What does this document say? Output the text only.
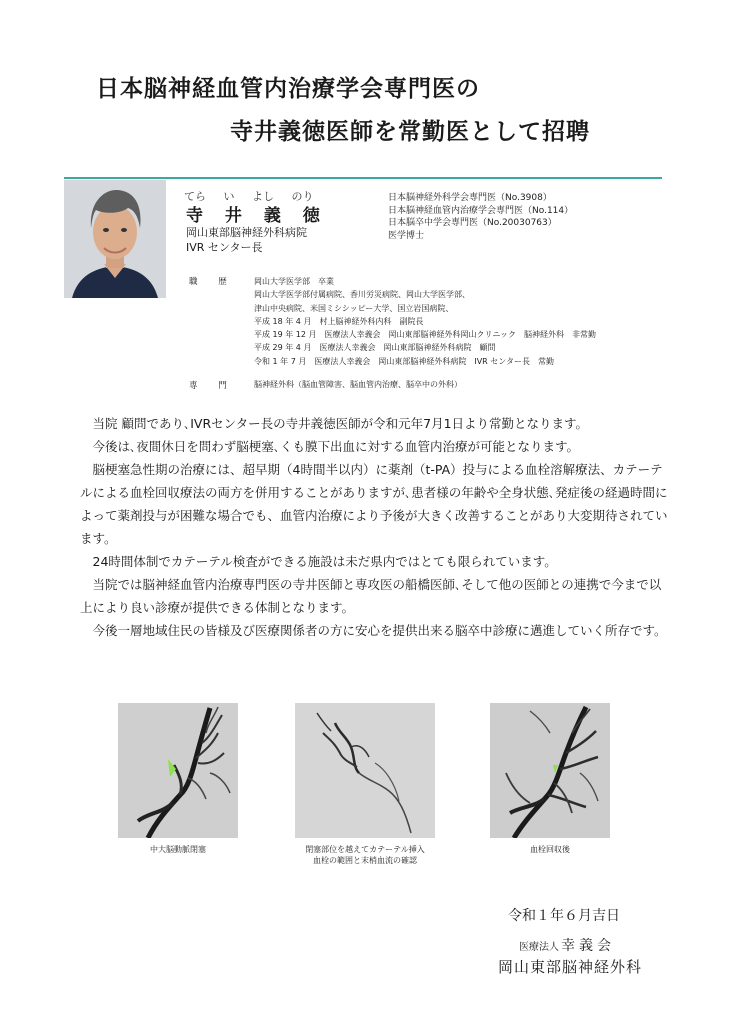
日本脳神経血管内治療学会専門医の
寺井義徳医師を常勤医として招聘
てら い よし のり
寺 井 義 徳
岡山東部脳神経外科病院
IVR センター長
日本脳神経外科学会専門医（No.3908）
日本脳神経血管内治療学会専門医（No.114）
日本脳卒中学会専門医（No.20030763）
医学博士
職 歴 岡山大学医学部　卒業
岡山大学医学部付属病院、香川労災病院、岡山大学医学部、
津山中央病院、米国ミシシッピー大学、国立岩国病院、
平成 18 年 4 月　村上脳神経外科内科　副院長
平成 19 年 12 月　医療法人幸義会　岡山東部脳神経外科岡山クリニック　脳神経外科　非常勤
平成 29 年 4 月　医療法人幸義会　岡山東部脳神経外科病院　顧問
令和 1 年 7 月　医療法人幸義会　岡山東部脳神経外科病院　IVR センター長　常勤
専 門 脳神経外科（脳血管障害、脳血管内治療、脳卒中の外科）

当院 顧問であり､IVRセンター長の寺井義徳医師が令和元年7月1日より常勤となります。

今後は､夜間休日を問わず脳梗塞､くも膜下出血に対する血管内治療が可能となります。

脳梗塞急性期の治療には、超早期（4時間半以内）に薬剤（t-PA）投与による血栓溶解療法、カテーテルによる血栓回収療法の両方を併用することがありますが､患者様の年齢や全身状態､発症後の経過時間によって薬剤投与が困難な場合でも、血管内治療により予後が大きく改善することがあり大変期待されています。

24時間体制でカテーテル検査ができる施設は未だ県内ではとても限られています。

当院では脳神経血管内治療専門医の寺井医師と専攻医の船橋医師､そして他の医師との連携で今まで以上により良い診療が提供できる体制となります。

今後一層地域住民の皆様及び医療関係者の方に安心を提供出来る脳卒中診療に邁進していく所存です。

中大脳動脈閉塞	閉塞部位を越えてカテーテル挿入
血栓の範囲と末梢血流の確認
血栓回収後
令和１年６月吉日
医療法人 幸義会
岡山東部脳神経外科
